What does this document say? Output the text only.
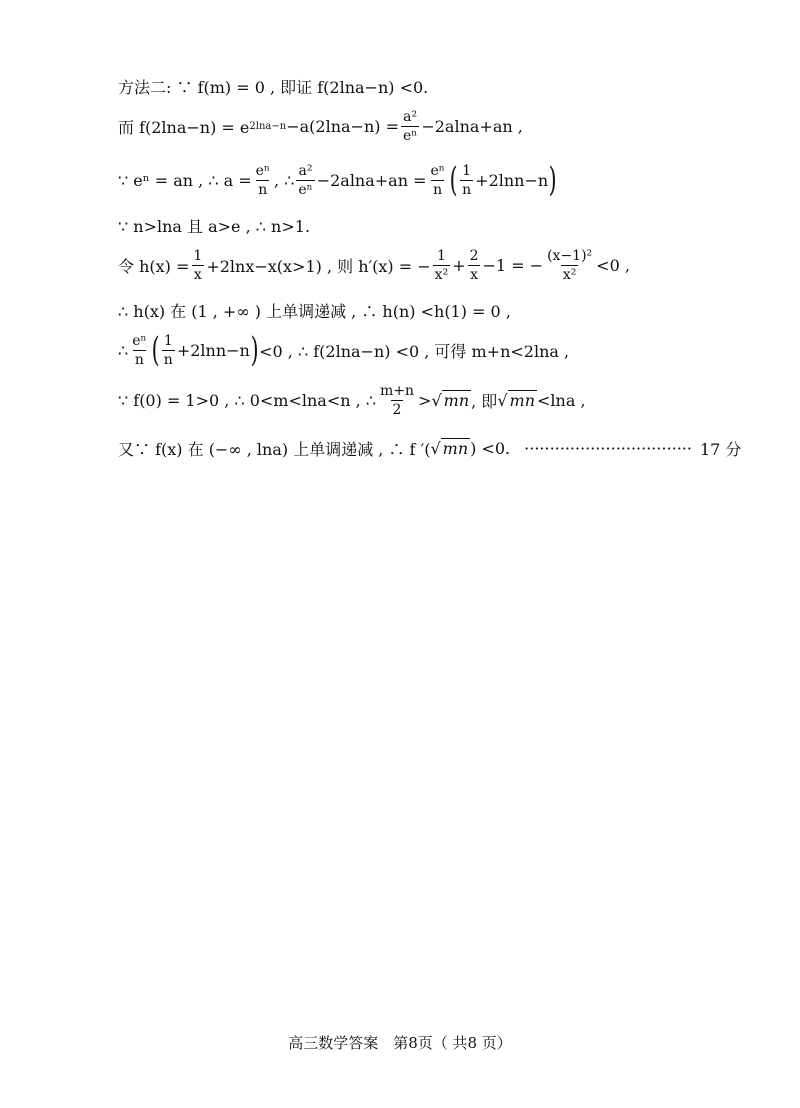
方法二: ∵ f(m) = 0 , 即证 f(2lna−n) <0.
而 f(2lna−n) = e $2\ln a-n -a(2\ln a-n) = \frac{\text{a²}}{\text{eⁿ}} -2alna+an$ ,
∵ eⁿ = an , ∴ $a = \frac{\text{eⁿ}}{n}$ , ∴ $\frac{\text{a²}}{\text{eⁿ}} -2alna+an = \frac{\text{eⁿ}}{n}$ ( $\frac{1}{n} +2\ln n-n$ )
∵ n>lna 且 a>e , ∴ n>1.
令 $h(x) = \frac{1}{x} +2\ln x-x(x>1)$ , 则 h′(x) = − $\frac{1}{\text{x²}} + \frac{2}{x} -1$ = − $\frac{\text{(x−1)²}}{\text{x²}} <0$ ,
∴ h(x) 在 (1 , +∞ ) 上单调递减 , ∴ h(n) <h(1) = 0 ,
∴ $\frac{\text{eⁿ}}{n}$ ( $\frac{1}{n} +2\ln n-n$ ) <0 , ∴ f(2lna−n) <0 , 可得 m+n<2lna ,
∵ f(0) = 1>0 , ∴ 0<m<lna<n , ∴ $\frac{m+n}{2}$ > √ mn , 即 √ mn <lna ,
又∵ f(x) 在 (−∞ , lna) 上单调递减 , ∴ f ′( √ mn ) <0. ································· 17 分
高三数学答案　第8页（ 共8 页）
